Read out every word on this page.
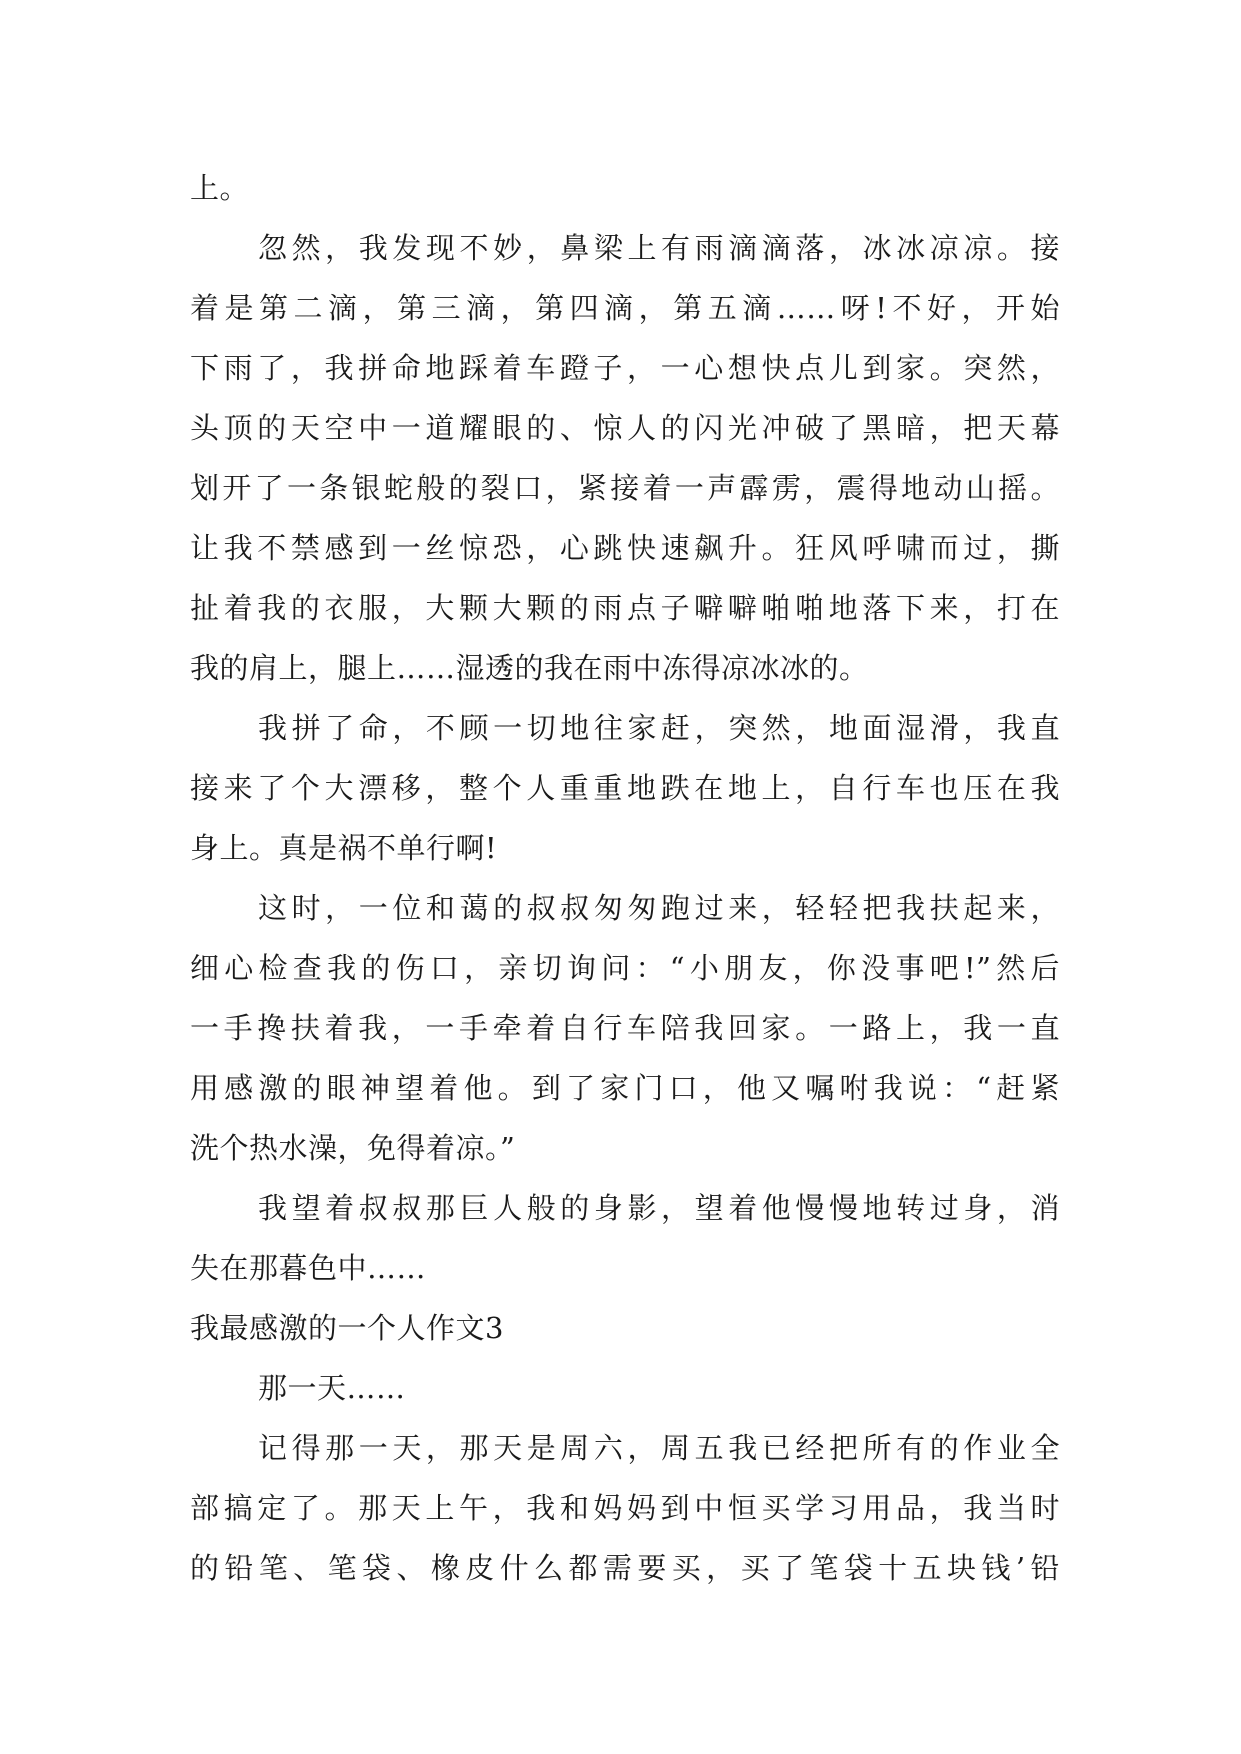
上。
忽然，我发现不妙，鼻梁上有雨滴滴落，冰冰凉凉。接
着是第二滴，第三滴，第四滴，第五滴……呀!不好，开始
下雨了，我拼命地踩着车蹬子，一心想快点儿到家。突然，
头顶的天空中一道耀眼的、惊人的闪光冲破了黑暗，把天幕
划开了一条银蛇般的裂口，紧接着一声霹雳，震得地动山摇。
让我不禁感到一丝惊恐，心跳快速飙升。狂风呼啸而过，撕
扯着我的衣服，大颗大颗的雨点子噼噼啪啪地落下来，打在
我的肩上，腿上……湿透的我在雨中冻得凉冰冰的。
我拼了命，不顾一切地往家赶，突然，地面湿滑，我直
接来了个大漂移，整个人重重地跌在地上，自行车也压在我
身上。真是祸不单行啊!
这时，一位和蔼的叔叔匆匆跑过来，轻轻把我扶起来，
细心检查我的伤口，亲切询问：“小朋友，你没事吧!”然后
一手搀扶着我，一手牵着自行车陪我回家。一路上，我一直
用感激的眼神望着他。到了家门口，他又嘱咐我说：“赶紧
洗个热水澡，免得着凉。”
我望着叔叔那巨人般的身影，望着他慢慢地转过身，消
失在那暮色中……
我最感激的一个人作文3
那一天……
记得那一天，那天是周六，周五我已经把所有的作业全
部搞定了。那天上午，我和妈妈到中恒买学习用品，我当时
的铅笔、笔袋、橡皮什么都需要买，买了笔袋十五块钱’铅
